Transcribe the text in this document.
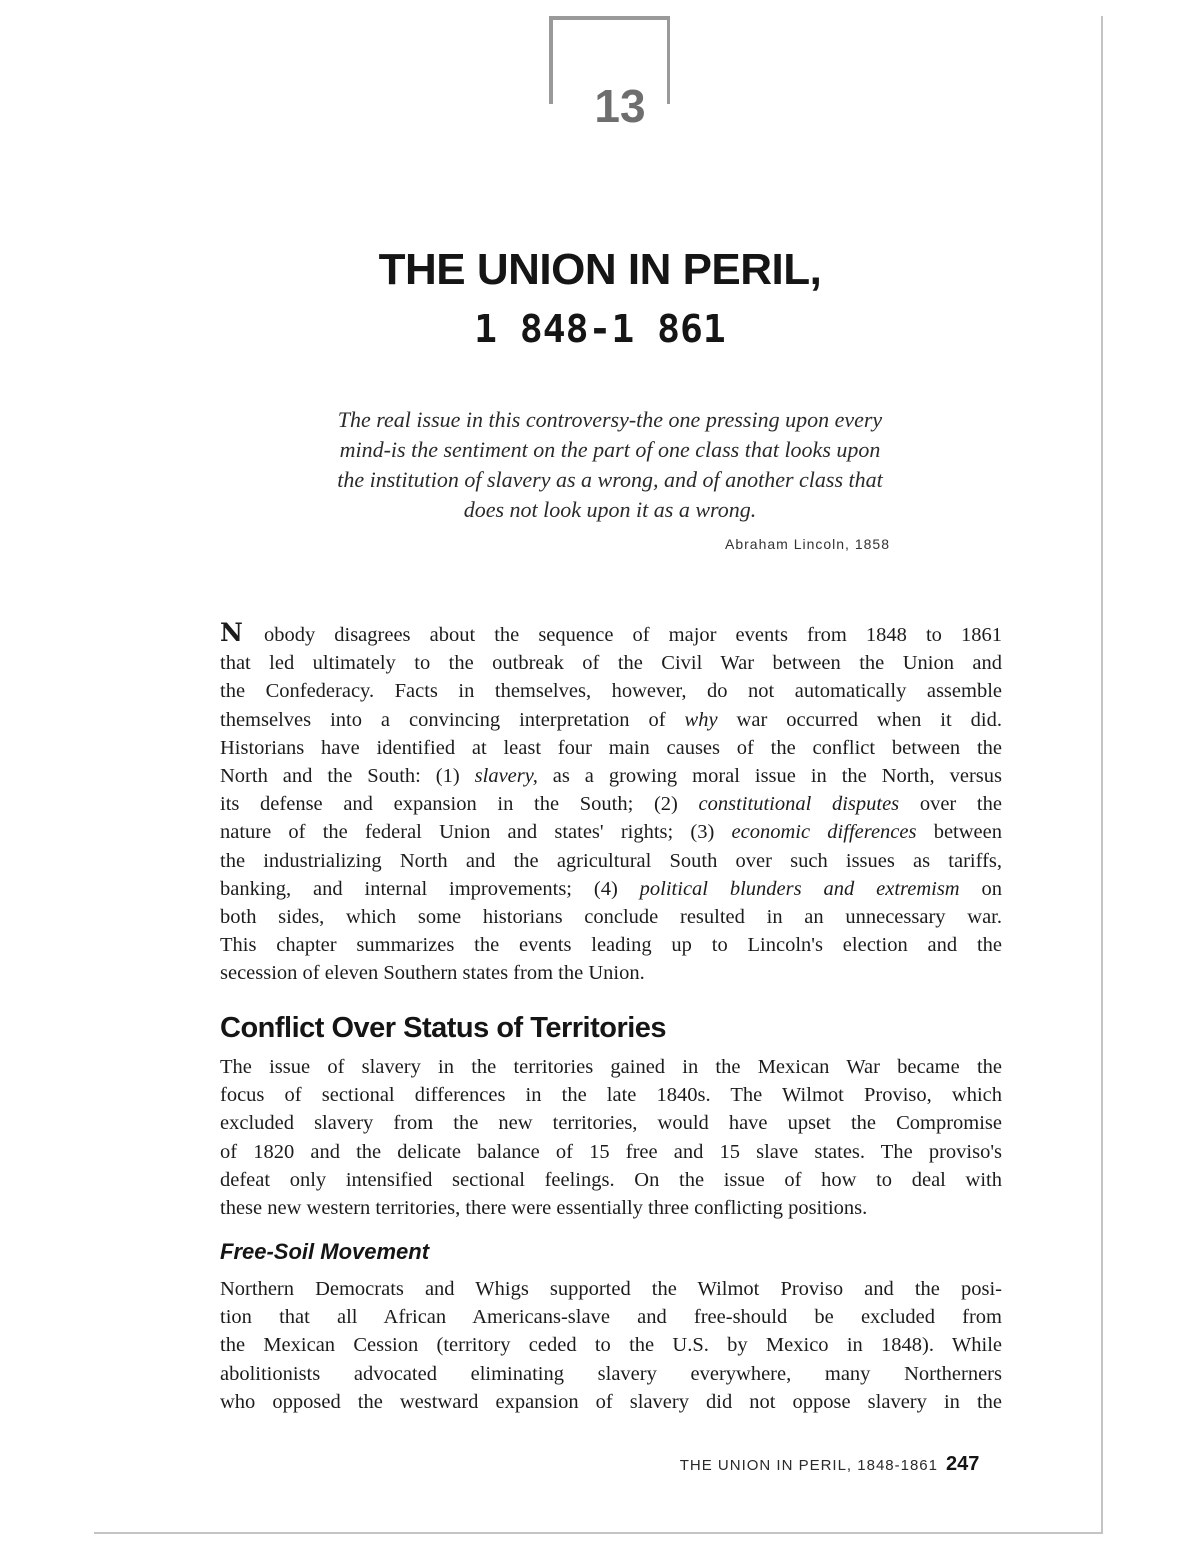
13
THE UNION IN PERIL,
1 848-1 861
The real issue in this controversy-the one pressing upon every
mind-is the sentiment on the part of one class that looks upon
the institution of slavery as a wrong, and of another class that
does not look upon it as a wrong.
Abraham Lincoln, 1858
N obody disagrees about the sequence of major events from 1848 to 1861
that led ultimately to the outbreak of the Civil War between the Union and
the Confederacy. Facts in themselves, however, do not automatically assemble
themselves into a convincing interpretation of why war occurred when it did.
Historians have identified at least four main causes of the conflict between the
North and the South: (1) slavery, as a growing moral issue in the North, versus
its defense and expansion in the South; (2) constitutional disputes over the
nature of the federal Union and states' rights; (3) economic differences between
the industrializing North and the agricultural South over such issues as tariffs,
banking, and internal improvements; (4) political blunders and extremism on
both sides, which some historians conclude resulted in an unnecessary war.
This chapter summarizes the events leading up to Lincoln's election and the
secession of eleven Southern states from the Union.
Conflict Over Status of Territories
The issue of slavery in the territories gained in the Mexican War became the
focus of sectional differences in the late 1840s. The Wilmot Proviso, which
excluded slavery from the new territories, would have upset the Compromise
of 1820 and the delicate balance of 15 free and 15 slave states. The proviso's
defeat only intensified sectional feelings. On the issue of how to deal with
these new western territories, there were essentially three conflicting positions.
Free-Soil Movement
Northern Democrats and Whigs supported the Wilmot Proviso and the posi-
tion that all African Americans-slave and free-should be excluded from
the Mexican Cession (territory ceded to the U.S. by Mexico in 1848). While
abolitionists advocated eliminating slavery everywhere, many Northerners
who opposed the westward expansion of slavery did not oppose slavery in the
THE UNION IN PERIL, 1848-1861 247
